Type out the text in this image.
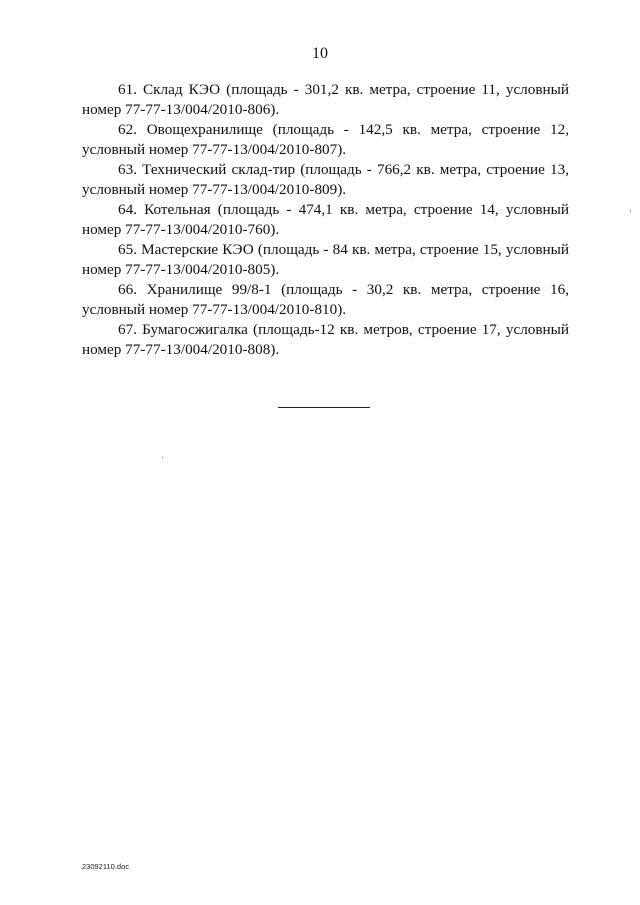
10

61. Склад КЭО (площадь - 301,2 кв. метра, строение 11, условный номер 77-77-13/004/2010-806).

62. Овощехранилище (площадь - 142,5 кв. метра, строение 12, условный номер 77-77-13/004/2010-807).

63. Технический склад-тир (площадь - 766,2 кв. метра, строение 13, условный номер 77-77-13/004/2010-809).

64. Котельная (площадь - 474,1 кв. метра, строение 14, условный номер 77-77-13/004/2010-760).

65. Мастерские КЭО (площадь - 84 кв. метра, строение 15, условный номер 77-77-13/004/2010-805).

66. Хранилище 99/8-1 (площадь - 30,2 кв. метра, строение 16, условный номер 77-77-13/004/2010-810).

67. Бумагосжигалка (площадь-12 кв. метров, строение 17, условный номер 77-77-13/004/2010-808).

23092110.doc
